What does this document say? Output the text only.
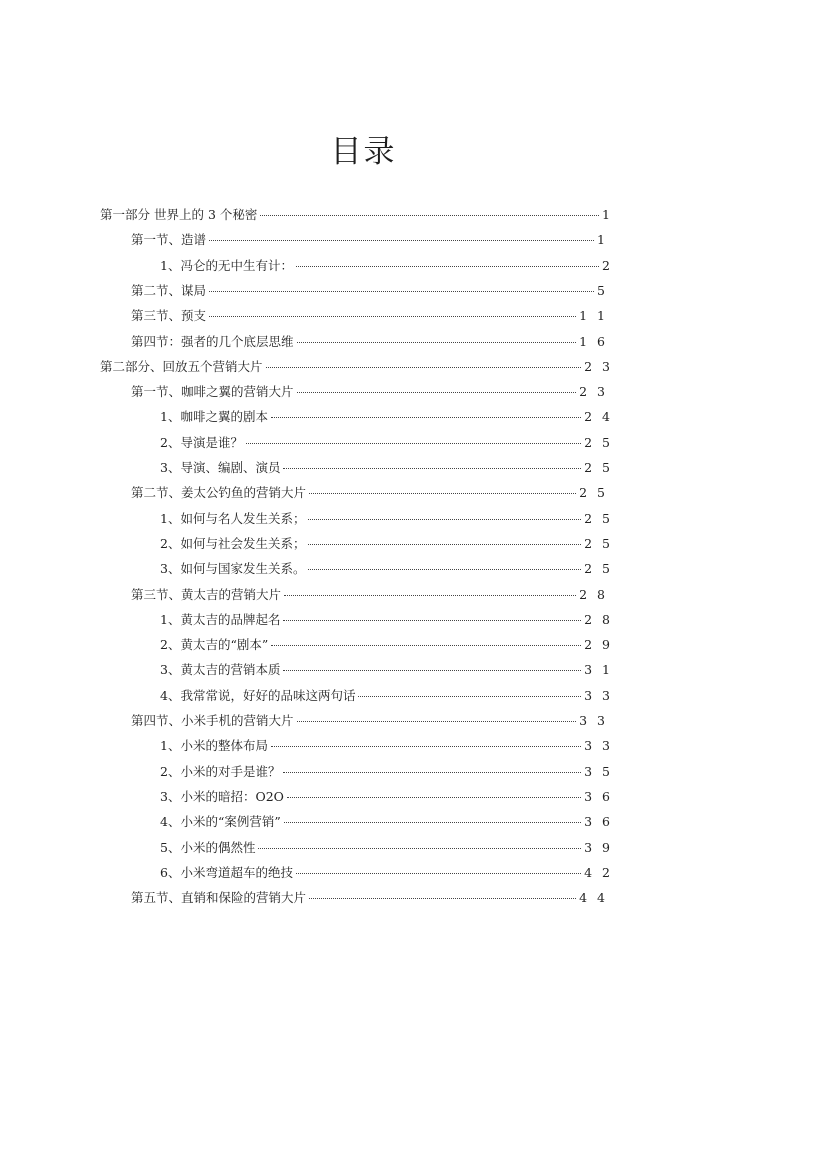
目录
第一部分 世界上的 3 个秘密	1
第一节、造谱	1
1、冯仑的无中生有计：	2
第二节、谋局	5
第三节、预支	1 1
第四节：强者的几个底层思维	1 6
第二部分、回放五个营销大片	2 3
第一节、咖啡之翼的营销大片	2 3
1、咖啡之翼的剧本	2 4
2、导演是谁？	2 5
3、导演、编剧、演员	2 5
第二节、姜太公钓鱼的营销大片	2 5
1、如何与名人发生关系；	2 5
2、如何与社会发生关系；	2 5
3、如何与国家发生关系。	2 5
第三节、黄太吉的营销大片	2 8
1、黄太吉的品牌起名	2 8
2、黄太吉的“剧本”	2 9
3、黄太吉的营销本质	3 1
4、我常常说，好好的品味这两句话	3 3
第四节、小米手机的营销大片	3 3
1、小米的整体布局	3 3
2、小米的对手是谁？	3 5
3、小米的暗招：O2O	3 6
4、小米的“案例营销”	3 6
5、小米的偶然性	3 9
6、小米弯道超车的绝技	4 2
第五节、直销和保险的营销大片	4 4
